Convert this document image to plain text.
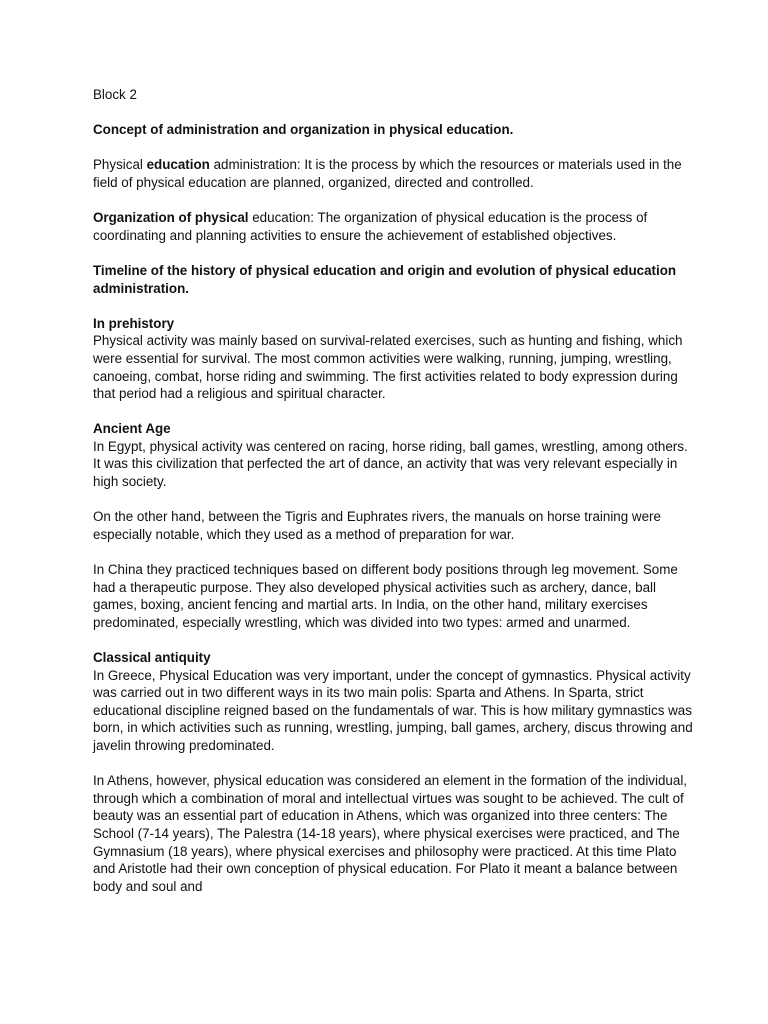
Block 2

Concept of administration and organization in physical education.

Physical education administration: It is the process by which the resources or materials used in the field of physical education are planned, organized, directed and controlled.

Organization of physical education: The organization of physical education is the process of coordinating and planning activities to ensure the achievement of established objectives.

Timeline of the history of physical education and origin and evolution of physical education administration.

In prehistory
Physical activity was mainly based on survival-related exercises, such as hunting and fishing, which were essential for survival. The most common activities were walking, running, jumping, wrestling, canoeing, combat, horse riding and swimming. The first activities related to body expression during that period had a religious and spiritual character.
Ancient Age
In Egypt, physical activity was centered on racing, horse riding, ball games, wrestling, among others. It was this civilization that perfected the art of dance, an activity that was very relevant especially in high society.

On the other hand, between the Tigris and Euphrates rivers, the manuals on horse training were especially notable, which they used as a method of preparation for war.

In China they practiced techniques based on different body positions through leg movement. Some had a therapeutic purpose. They also developed physical activities such as archery, dance, ball games, boxing, ancient fencing and martial arts. In India, on the other hand, military exercises predominated, especially wrestling, which was divided into two types: armed and unarmed.

Classical antiquity
In Greece, Physical Education was very important, under the concept of gymnastics. Physical activity was carried out in two different ways in its two main polis: Sparta and Athens. In Sparta, strict educational discipline reigned based on the fundamentals of war. This is how military gymnastics was born, in which activities such as running, wrestling, jumping, ball games, archery, discus throwing and javelin throwing predominated.

In Athens, however, physical education was considered an element in the formation of the individual, through which a combination of moral and intellectual virtues was sought to be achieved. The cult of beauty was an essential part of education in Athens, which was organized into three centers: The School (7-14 years), The Palestra (14-18 years), where physical exercises were practiced, and The Gymnasium (18 years), where physical exercises and philosophy were practiced. At this time Plato and Aristotle had their own conception of physical education. For Plato it meant a balance between body and soul and
